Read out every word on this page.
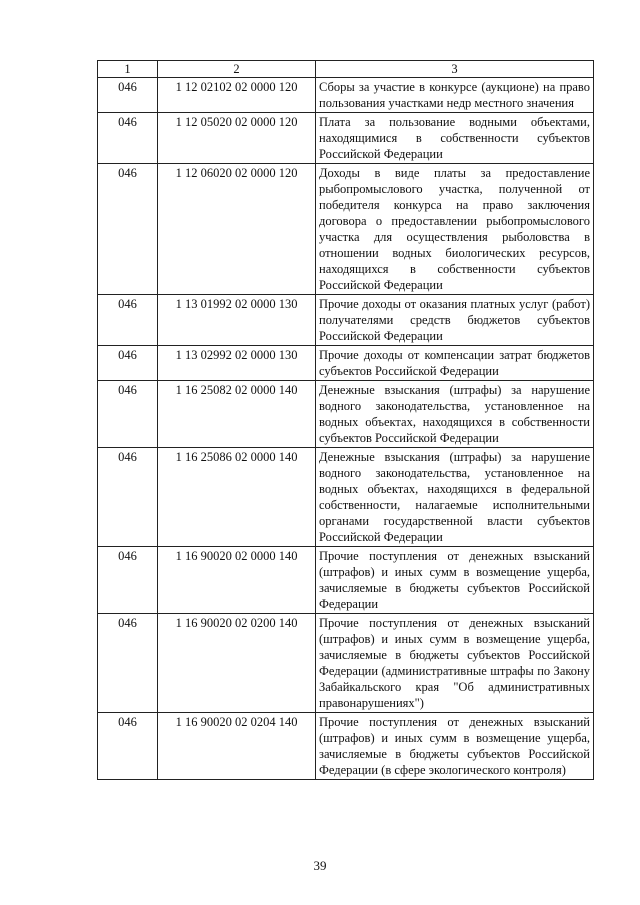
1	2	3
046	1 12 02102 02 0000 120	Сборы за участие в конкурсе (аукционе) на право пользования участками недр местного значения
046	1 12 05020 02 0000 120	Плата за пользование водными объектами, находящимися в собственности субъектов Российской Федерации
046	1 12 06020 02 0000 120	Доходы в виде платы за предоставление рыбопромыслового участка, полученной от победителя конкурса на право заключения договора о предоставлении рыбопромыслового участка для осуществления рыболовства в отношении водных биологических ресурсов, находящихся в собственности субъектов Российской Федерации
046	1 13 01992 02 0000 130	Прочие доходы от оказания платных услуг (работ) получателями средств бюджетов субъектов Российской Федерации
046	1 13 02992 02 0000 130	Прочие доходы от компенсации затрат бюджетов субъектов Российской Федерации
046	1 16 25082 02 0000 140	Денежные взыскания (штрафы) за нарушение водного законодательства, установленное на водных объектах, находящихся в собственности субъектов Российской Федерации
046	1 16 25086 02 0000 140	Денежные взыскания (штрафы) за нарушение водного законодательства, установленное на водных объектах, находящихся в федеральной собственности, налагаемые исполнительными органами государственной власти субъектов Российской Федерации
046	1 16 90020 02 0000 140	Прочие поступления от денежных взысканий (штрафов) и иных сумм в возмещение ущерба, зачисляемые в бюджеты субъектов Российской Федерации
046	1 16 90020 02 0200 140	Прочие поступления от денежных взысканий (штрафов) и иных сумм в возмещение ущерба, зачисляемые в бюджеты субъектов Российской Федерации (административные штрафы по Закону Забайкальского края "Об административных правонарушениях")
046	1 16 90020 02 0204 140	Прочие поступления от денежных взысканий (штрафов) и иных сумм в возмещение ущерба, зачисляемые в бюджеты субъектов Российской Федерации (в сфере экологического контроля)
39
